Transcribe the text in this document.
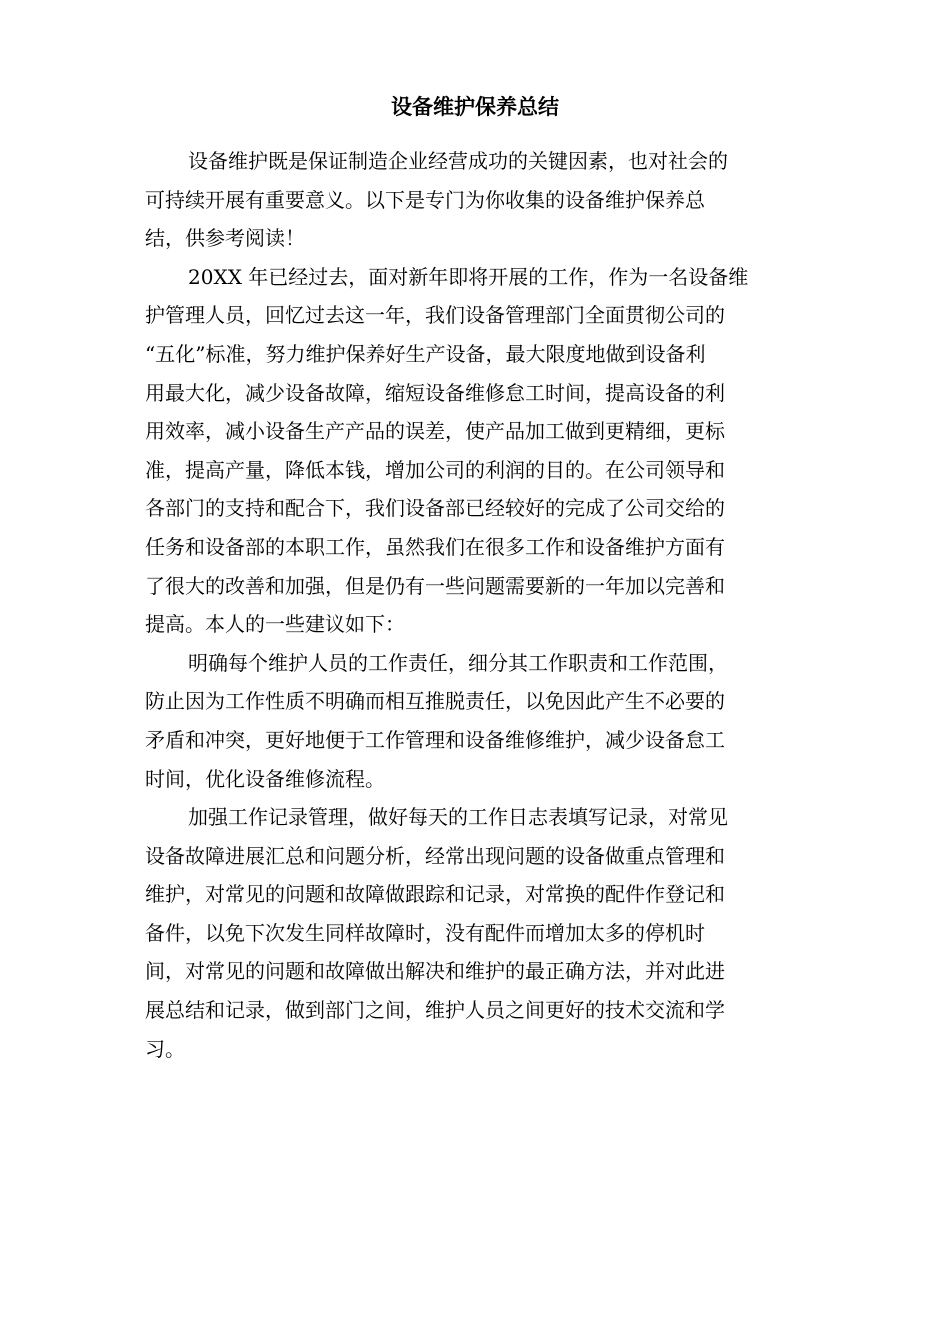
设备维护保养总结
设备维护既是保证制造企业经营成功的关键因素，也对社会的
可持续开展有重要意义。以下是专门为你收集的设备维护保养总
结，供参考阅读！
20XX 年已经过去，面对新年即将开展的工作，作为一名设备维
护管理人员，回忆过去这一年，我们设备管理部门全面贯彻公司的
“五化”标准，努力维护保养好生产设备，最大限度地做到设备利
用最大化，减少设备故障，缩短设备维修怠工时间，提高设备的利
用效率，减小设备生产产品的误差，使产品加工做到更精细，更标
准，提高产量，降低本钱，增加公司的利润的目的。在公司领导和
各部门的支持和配合下，我们设备部已经较好的完成了公司交给的
任务和设备部的本职工作，虽然我们在很多工作和设备维护方面有
了很大的改善和加强，但是仍有一些问题需要新的一年加以完善和
提高。本人的一些建议如下：
明确每个维护人员的工作责任，细分其工作职责和工作范围，
防止因为工作性质不明确而相互推脱责任，以免因此产生不必要的
矛盾和冲突，更好地便于工作管理和设备维修维护，减少设备怠工
时间，优化设备维修流程。
加强工作记录管理，做好每天的工作日志表填写记录，对常见
设备故障进展汇总和问题分析，经常出现问题的设备做重点管理和
维护，对常见的问题和故障做跟踪和记录，对常换的配件作登记和
备件，以免下次发生同样故障时，没有配件而增加太多的停机时
间，对常见的问题和故障做出解决和维护的最正确方法，并对此进
展总结和记录，做到部门之间，维护人员之间更好的技术交流和学
习。
